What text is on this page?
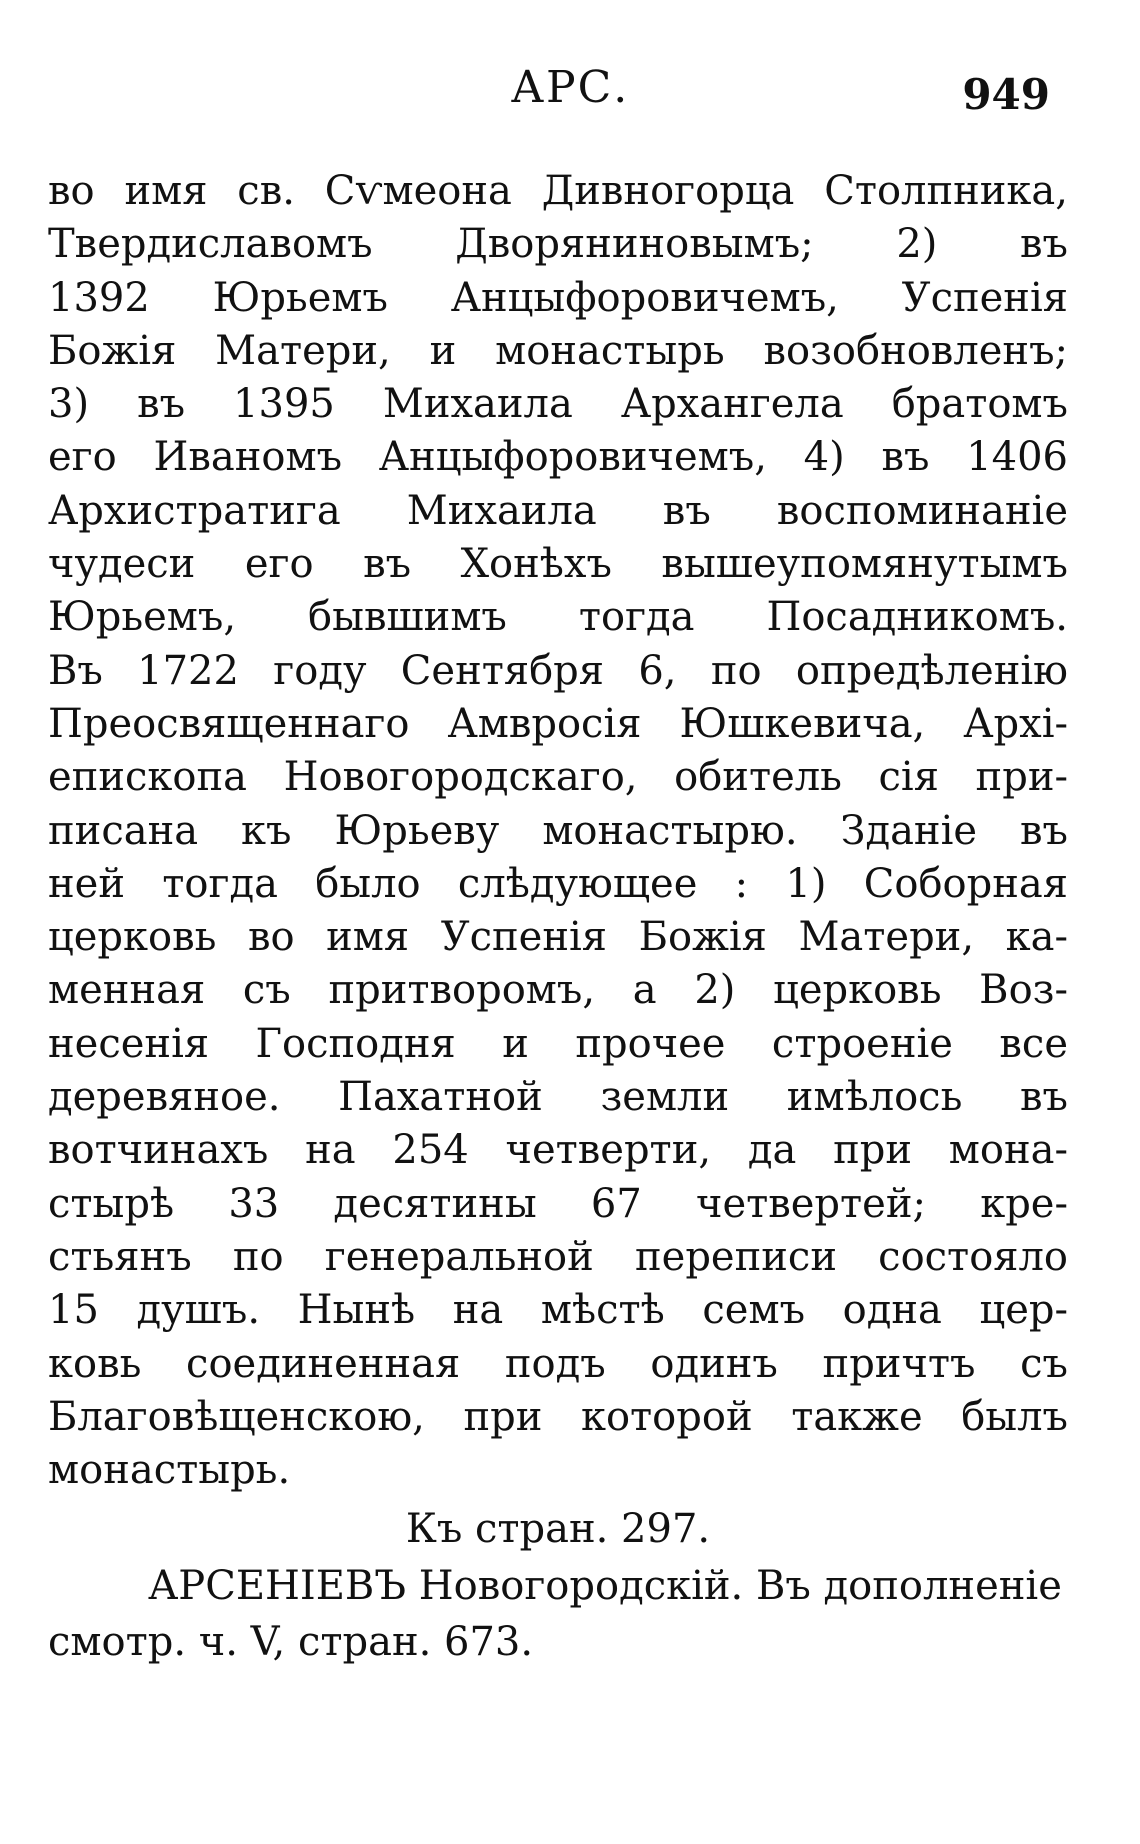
АРС.	949
во имя св. Сѵмеона Дивногорца Столпника,
Твердиславомъ Дворяниновымъ; 2) въ
1392 Юрьемъ Анцыфоровичемъ, Успенія
Божія Матери, и монастырь возобновленъ;
3) въ 1395 Михаила Архангела братомъ
его Иваномъ Анцыфоровичемъ, 4) въ 1406
Архистратига Михаила въ воспоминаніе
чудеси его въ Хонѣхъ вышеупомянутымъ
Юрьемъ, бывшимъ тогда Посадникомъ.
Въ 1722 году Сентября 6, по опредѣленію
Преосвященнаго Амвросія Юшкевича, Архі-
епископа Новогородскаго, обитель сія при-
писана къ Юрьеву монастырю. Зданіе въ
ней тогда было слѣдующее : 1) Соборная
церковь во имя Успенія Божія Матери, ка-
менная съ притворомъ, а 2) церковь Воз-
несенія Господня и прочее строеніе все
деревяное. Пахатной земли имѣлось въ
вотчинахъ на 254 четверти, да при мона-
стырѣ 33 десятины 67 четвертей; кре-
стьянъ по генеральной переписи состояло
15 душъ. Нынѣ на мѣстѣ семъ одна цер-
ковь соединенная подъ одинъ причтъ съ
Благовѣщенскою, при которой также былъ
монастырь.
Къ стран. 297.
АРСЕНІЕВЪ Новогородскій. Въ дополненіе
смотр. ч. V, стран. 673.
